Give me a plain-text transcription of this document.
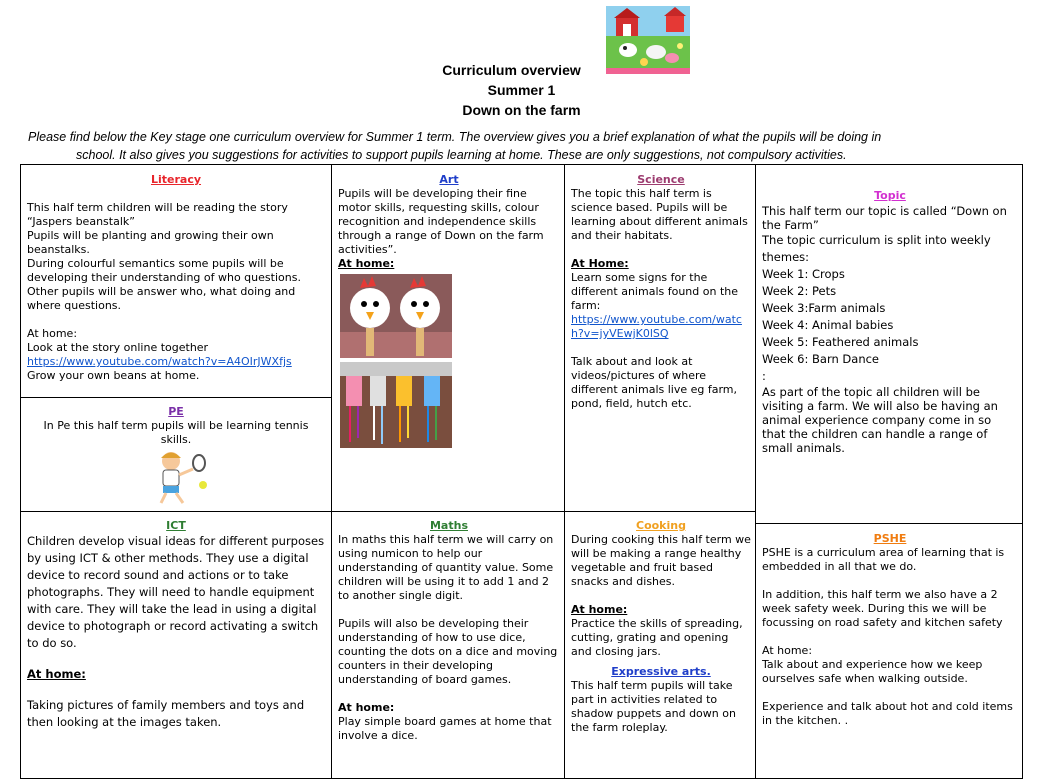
Curriculum overview
Summer 1
Down on the farm
Please find below the Key stage one curriculum overview for Summer 1 term. The overview gives you a brief explanation of what the pupils will be doing in
school. It also gives you suggestions for activities to support pupils learning at home. These are only suggestions, not compulsory activities.
Literacy

This half term children will be reading the story “Jaspers beanstalk”

Pupils will be planting and growing their own beanstalks.

During colourful semantics some pupils will be developing their understanding of who questions. Other pupils will be answer who, what doing and where questions.

At home:

Look at the story online together

https://www.youtube.com/watch?v=A4OIrJWXfjs

Grow your own beans at home.

PE

In Pe this half term pupils will be learning tennis skills.

Art

Pupils will be developing their fine motor skills, requesting skills, colour recognition and independence skills through a range of Down on the farm activities”.

At home:

Science

The topic this half term is science based. Pupils will be learning about different animals and their habitats.

At Home:

Learn some signs for the different animals found on the farm:

https://www.youtube.com/watch?v=jyVEwjK0lSQ

Talk about and look at videos/pictures of where different animals live eg farm, pond, field, hutch etc.

Topic

This half term our topic is called “Down on the Farm”

The topic curriculum is split into weekly themes:

Week 1: Crops

Week 2: Pets

Week 3:Farm animals

Week 4: Animal babies

Week 5: Feathered animals

Week 6: Barn Dance

:

As part of the topic all children will be visiting a farm. We will also be having an animal experience company come in so that the children can handle a range of small animals.

ICT

Children develop visual ideas for different purposes by using ICT & other methods. They use a digital device to record sound and actions or to take photographs. They will need to handle equipment with care. They will take the lead in using a digital device to photograph or record activating a switch to do so.

At home:

Taking pictures of family members and toys and then looking at the images taken.

Maths

In maths this half term we will carry on using numicon to help our understanding of quantity value. Some children will be using it to add 1 and 2 to another single digit.

Pupils will also be developing their understanding of how to use dice, counting the dots on a dice and moving counters in their developing understanding of board games.

At home:

Play simple board games at home that involve a dice.

Cooking

During cooking this half term we will be making a range healthy vegetable and fruit based snacks and dishes.

At home:

Practice the skills of spreading, cutting, grating and opening and closing jars.

Expressive arts.

This half term pupils will take part in activities related to shadow puppets and down on the farm roleplay.

PSHE

PSHE is a curriculum area of learning that is embedded in all that we do.

In addition, this half term we also have a 2 week safety week. During this we will be focussing on road safety and kitchen safety

At home:

Talk about and experience how we keep ourselves safe when walking outside.

Experience and talk about hot and cold items in the kitchen. .
